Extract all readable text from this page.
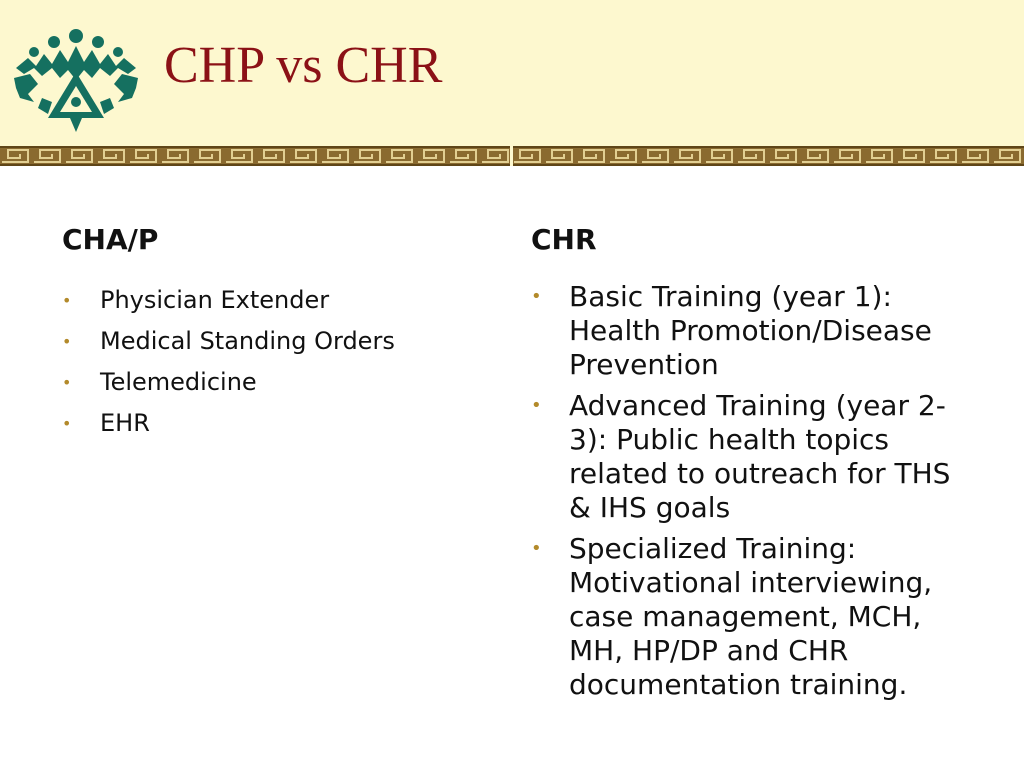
CHP vs CHR
CHA/P
• Physician Extender
• Medical Standing Orders
• Telemedicine
• EHR
CHR
• Basic Training (year 1): Health Promotion/Disease Prevention
• Advanced Training (year 2-3): Public health topics related to outreach for THS & IHS goals
• Specialized Training: Motivational interviewing, case management, MCH, MH, HP/DP and CHR documentation training.
